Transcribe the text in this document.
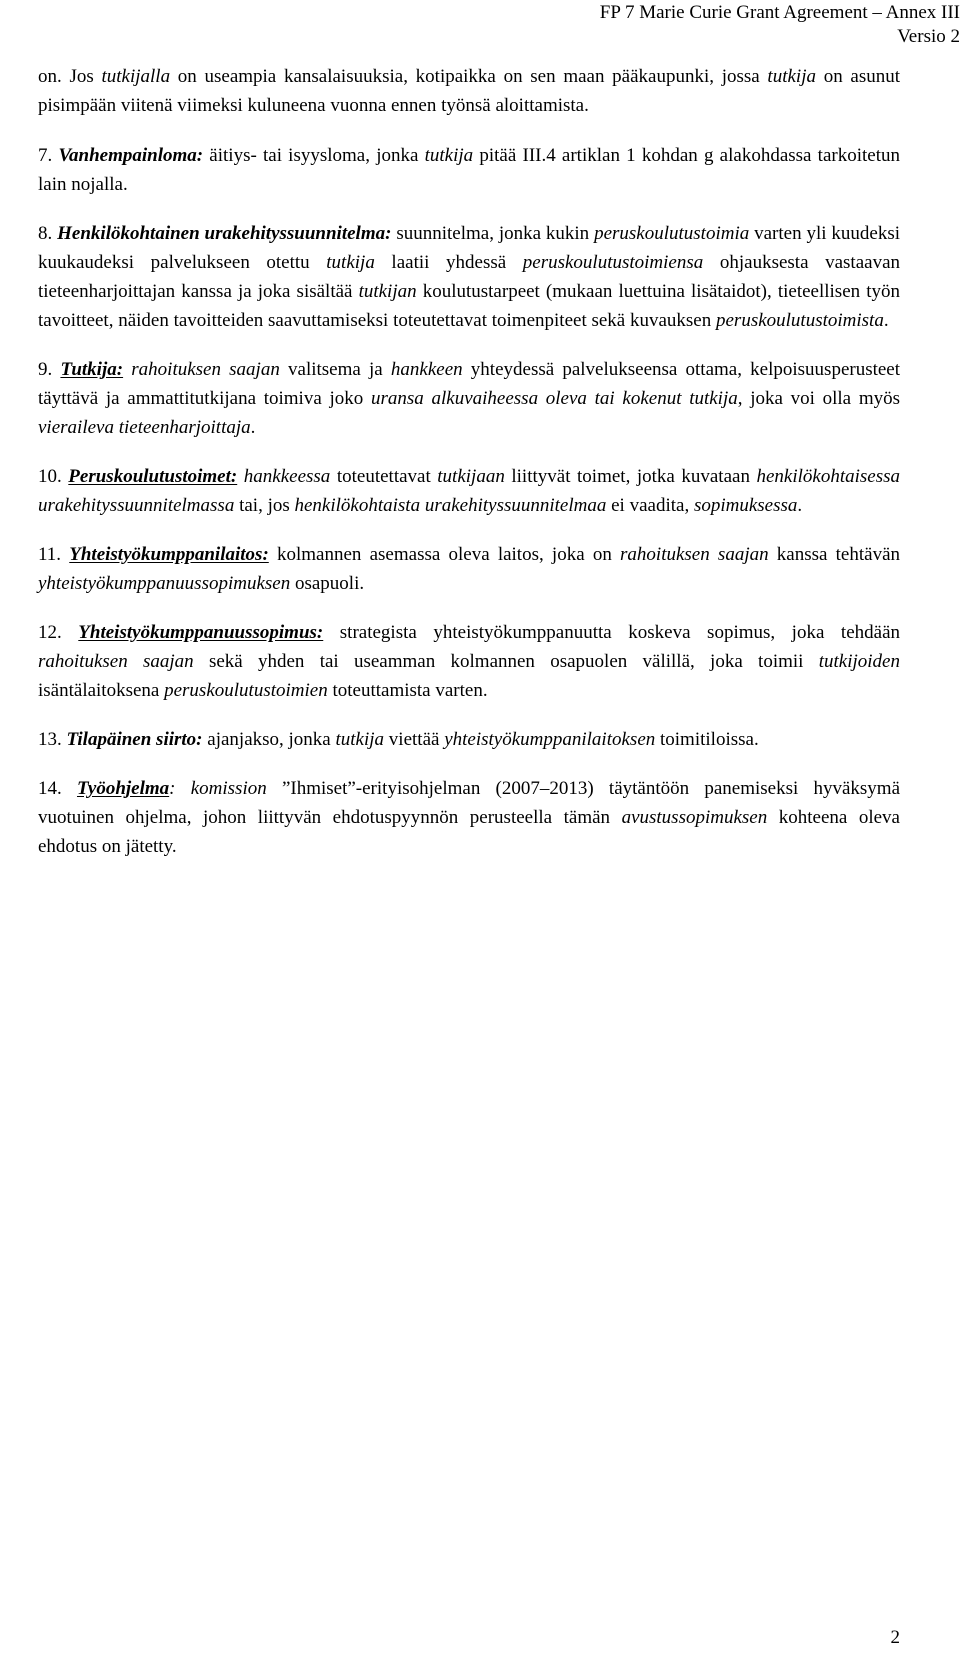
FP 7 Marie Curie Grant Agreement – Annex III
Versio 2

on. Jos tutkijalla on useampia kansalaisuuksia, kotipaikka on sen maan pääkaupunki, jossa tutkija on asunut pisimpään viitenä viimeksi kuluneena vuonna ennen työnsä aloittamista.

7. Vanhempainloma: äitiys- tai isyysloma, jonka tutkija pitää III.4 artiklan 1 kohdan g alakohdassa tarkoitetun lain nojalla.

8. Henkilökohtainen urakehityssuunnitelma: suunnitelma, jonka kukin peruskoulutustoimia varten yli kuudeksi kuukaudeksi palvelukseen otettu tutkija laatii yhdessä peruskoulutustoimiensa ohjauksesta vastaavan tieteenharjoittajan kanssa ja joka sisältää tutkijan koulutustarpeet (mukaan luettuina lisätaidot), tieteellisen työn tavoitteet, näiden tavoitteiden saavuttamiseksi toteutettavat toimenpiteet sekä kuvauksen peruskoulutustoimista.

9. Tutkija: rahoituksen saajan valitsema ja hankkeen yhteydessä palvelukseensa ottama, kelpoisuusperusteet täyttävä ja ammattitutkijana toimiva joko uransa alkuvaiheessa oleva tai kokenut tutkija, joka voi olla myös vieraileva tieteenharjoittaja.

10. Peruskoulutustoimet: hankkeessa toteutettavat tutkijaan liittyvät toimet, jotka kuvataan henkilökohtaisessa urakehityssuunnitelmassa tai, jos henkilökohtaista urakehityssuunnitelmaa ei vaadita, sopimuksessa.

11. Yhteistyökumppanilaitos: kolmannen asemassa oleva laitos, joka on rahoituksen saajan kanssa tehtävän yhteistyökumppanuussopimuksen osapuoli.

12. Yhteistyökumppanuussopimus: strategista yhteistyökumppanuutta koskeva sopimus, joka tehdään rahoituksen saajan sekä yhden tai useamman kolmannen osapuolen välillä, joka toimii tutkijoiden isäntälaitoksena peruskoulutustoimien toteuttamista varten.

13. Tilapäinen siirto: ajanjakso, jonka tutkija viettää yhteistyökumppanilaitoksen toimitiloissa.

14. Työohjelma: komission ”Ihmiset”-erityisohjelman (2007–2013) täytäntöön panemiseksi hyväksymä vuotuinen ohjelma, johon liittyvän ehdotuspyynnön perusteella tämän avustussopimuksen kohteena oleva ehdotus on jätetty.

2
